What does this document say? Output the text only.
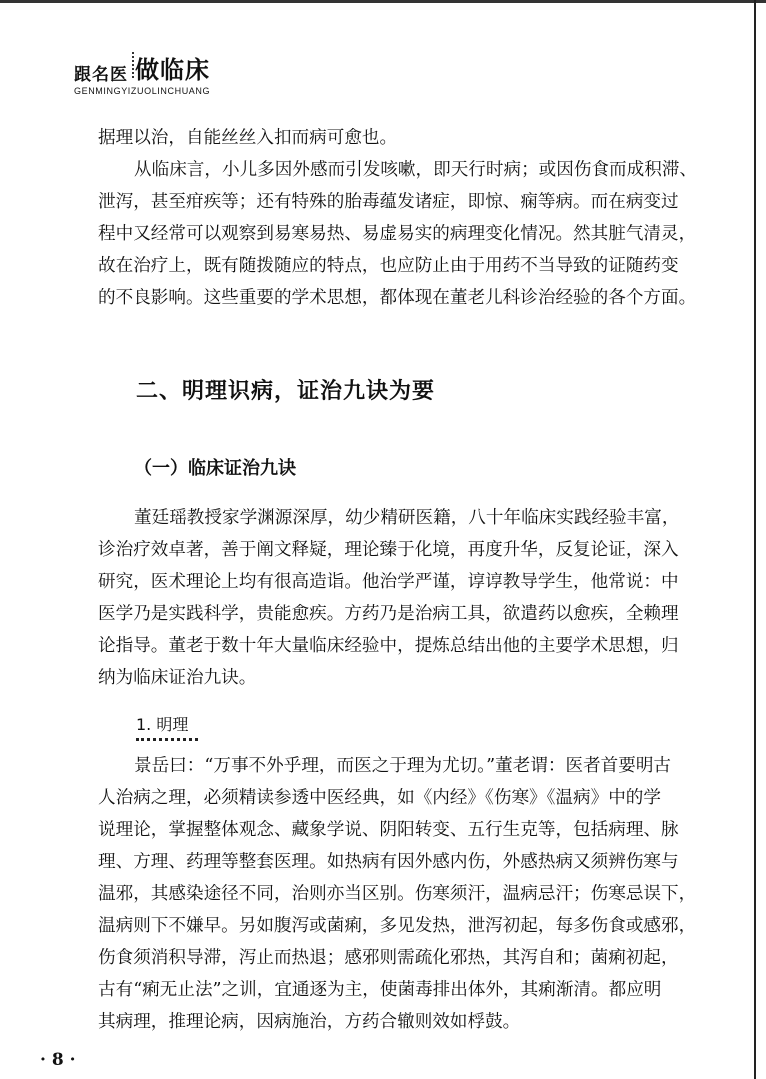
跟名医 做临床
GENMINGYIZUOLINCHUANG
据理以治，自能丝丝入扣而病可愈也。
从临床言，小儿多因外感而引发咳嗽，即天行时病；或因伤食而成积滞、
泄泻，甚至疳疾等；还有特殊的胎毒蕴发诸症，即惊、痫等病。而在病变过
程中又经常可以观察到易寒易热、易虚易实的病理变化情况。然其脏气清灵，
故在治疗上，既有随拨随应的特点，也应防止由于用药不当导致的证随药变
的不良影响。这些重要的学术思想，都体现在董老儿科诊治经验的各个方面。
二、明理识病，证治九诀为要
（一）临床证治九诀
董廷瑶教授家学渊源深厚，幼少精研医籍，八十年临床实践经验丰富，
诊治疗效卓著，善于阐文释疑，理论臻于化境，再度升华，反复论证，深入
研究，医术理论上均有很高造诣。他治学严谨，谆谆教导学生，他常说：中
医学乃是实践科学，贵能愈疾。方药乃是治病工具，欲遣药以愈疾，全赖理
论指导。董老于数十年大量临床经验中，提炼总结出他的主要学术思想，归
纳为临床证治九诀。
1. 明理
景岳曰：“万事不外乎理，而医之于理为尤切。”董老谓：医者首要明古
人治病之理，必须精读参透中医经典，如《内经》《伤寒》《温病》中的学
说理论，掌握整体观念、藏象学说、阴阳转变、五行生克等，包括病理、脉
理、方理、药理等整套医理。如热病有因外感内伤，外感热病又须辨伤寒与
温邪，其感染途径不同，治则亦当区别。伤寒须汗，温病忌汗；伤寒忌误下，
温病则下不嫌早。另如腹泻或菌痢，多见发热，泄泻初起，每多伤食或感邪，
伤食须消积导滞，泻止而热退；感邪则需疏化邪热，其泻自和；菌痢初起，
古有“痢无止法”之训，宜通逐为主，使菌毒排出体外，其痢渐清。都应明
其病理，推理论病，因病施治，方药合辙则效如桴鼓。
· 8 ·
